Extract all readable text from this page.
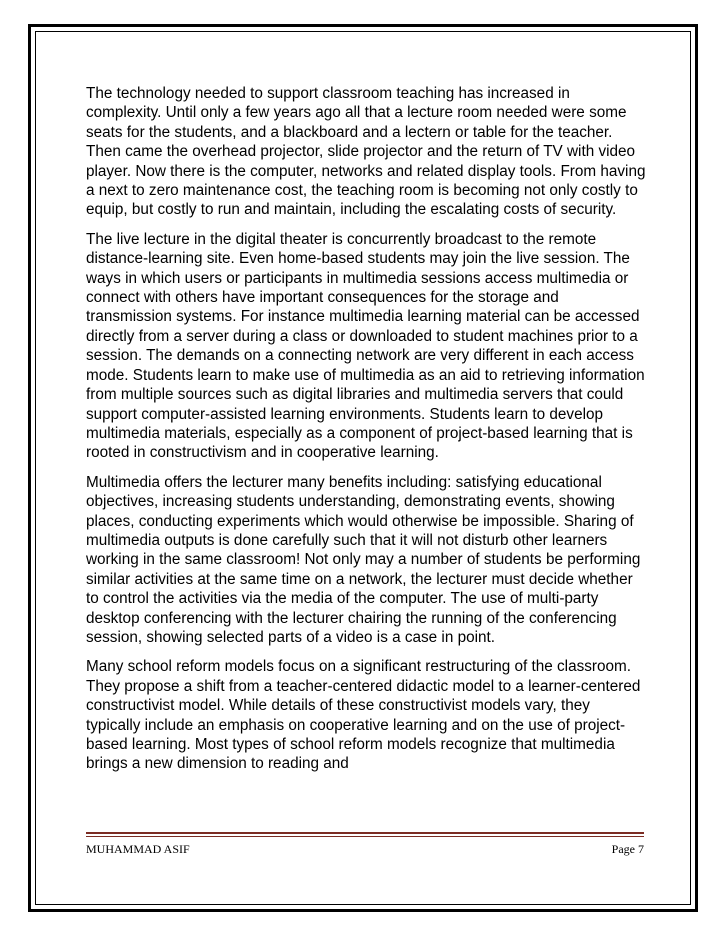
The technology needed to support classroom teaching has increased in complexity. Until only a few years ago all that a lecture room needed were some seats for the students, and a blackboard and a lectern or table for the teacher. Then came the overhead projector, slide projector and the return of TV with video player. Now there is the computer, networks and related display tools. From having a next to zero maintenance cost, the teaching room is becoming not only costly to equip, but costly to run and maintain, including the escalating costs of security.

The live lecture in the digital theater is concurrently broadcast to the remote distance-learning site. Even home-based students may join the live session. The ways in which users or participants in multimedia sessions access multimedia or connect with others have important consequences for the storage and transmission systems. For instance multimedia learning material can be accessed directly from a server during a class or downloaded to student machines prior to a session. The demands on a connecting network are very different in each access mode. Students learn to make use of multimedia as an aid to retrieving information from multiple sources such as digital libraries and multimedia servers that could support computer-assisted learning environments. Students learn to develop multimedia materials, especially as a component of project-based learning that is rooted in constructivism and in cooperative learning.

Multimedia offers the lecturer many benefits including: satisfying educational objectives, increasing students understanding, demonstrating events, showing places, conducting experiments which would otherwise be impossible. Sharing of multimedia outputs is done carefully such that it will not disturb other learners working in the same classroom! Not only may a number of students be performing similar activities at the same time on a network, the lecturer must decide whether to control the activities via the media of the computer. The use of multi-party desktop conferencing with the lecturer chairing the running of the conferencing session, showing selected parts of a video is a case in point.

Many school reform models focus on a significant restructuring of the classroom. They propose a shift from a teacher-centered didactic model to a learner-centered constructivist model. While details of these constructivist models vary, they typically include an emphasis on cooperative learning and on the use of project-based learning. Most types of school reform models recognize that multimedia brings a new dimension to reading and

MUHAMMAD ASIF	Page 7
